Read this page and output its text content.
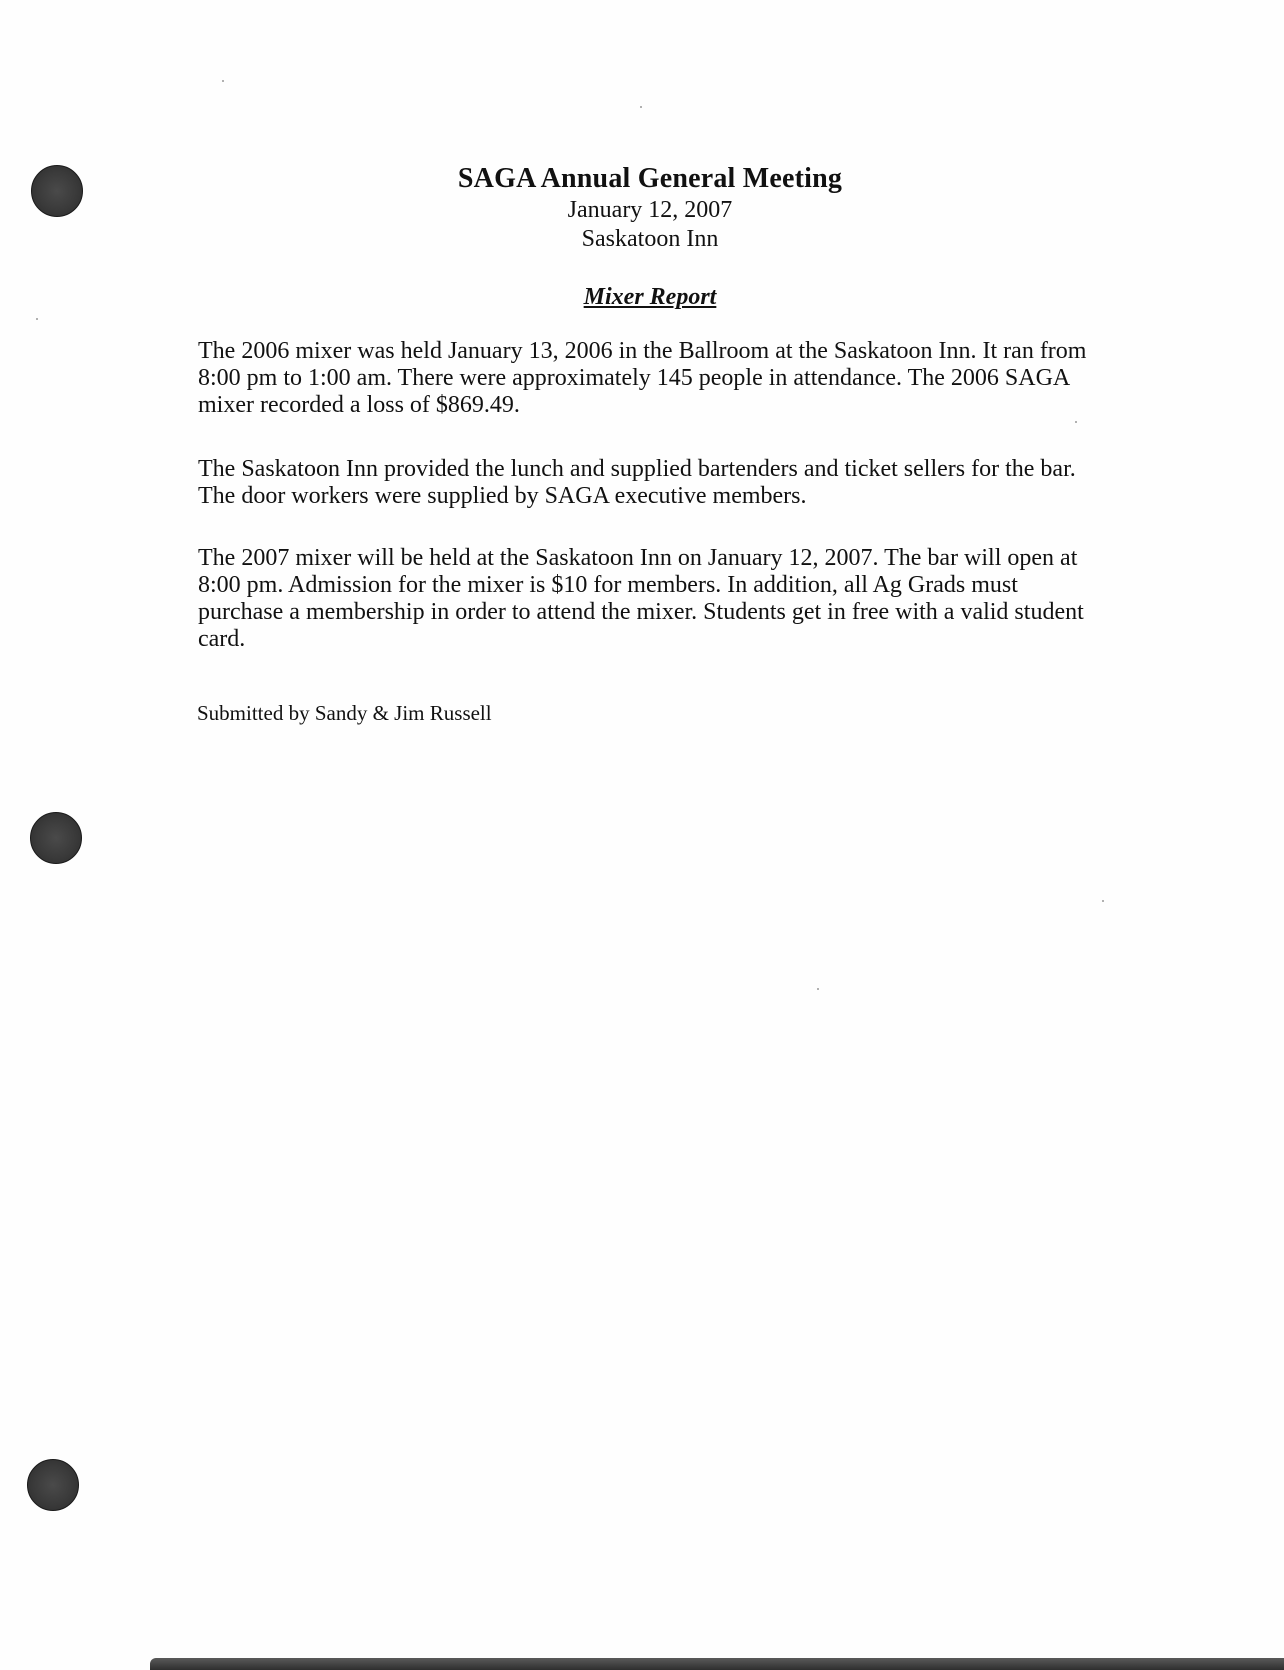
SAGA Annual General Meeting
January 12, 2007
Saskatoon Inn
Mixer Report
The 2006 mixer was held January 13, 2006 in the Ballroom at the Saskatoon Inn. It ran from 8:00 pm to 1:00 am. There were approximately 145 people in attendance. The 2006 SAGA mixer recorded a loss of $869.49.
The Saskatoon Inn provided the lunch and supplied bartenders and ticket sellers for the bar. The door workers were supplied by SAGA executive members.
The 2007 mixer will be held at the Saskatoon Inn on January 12, 2007. The bar will open at 8:00 pm. Admission for the mixer is $10 for members. In addition, all Ag Grads must purchase a membership in order to attend the mixer. Students get in free with a valid student card.
Submitted by Sandy & Jim Russell
